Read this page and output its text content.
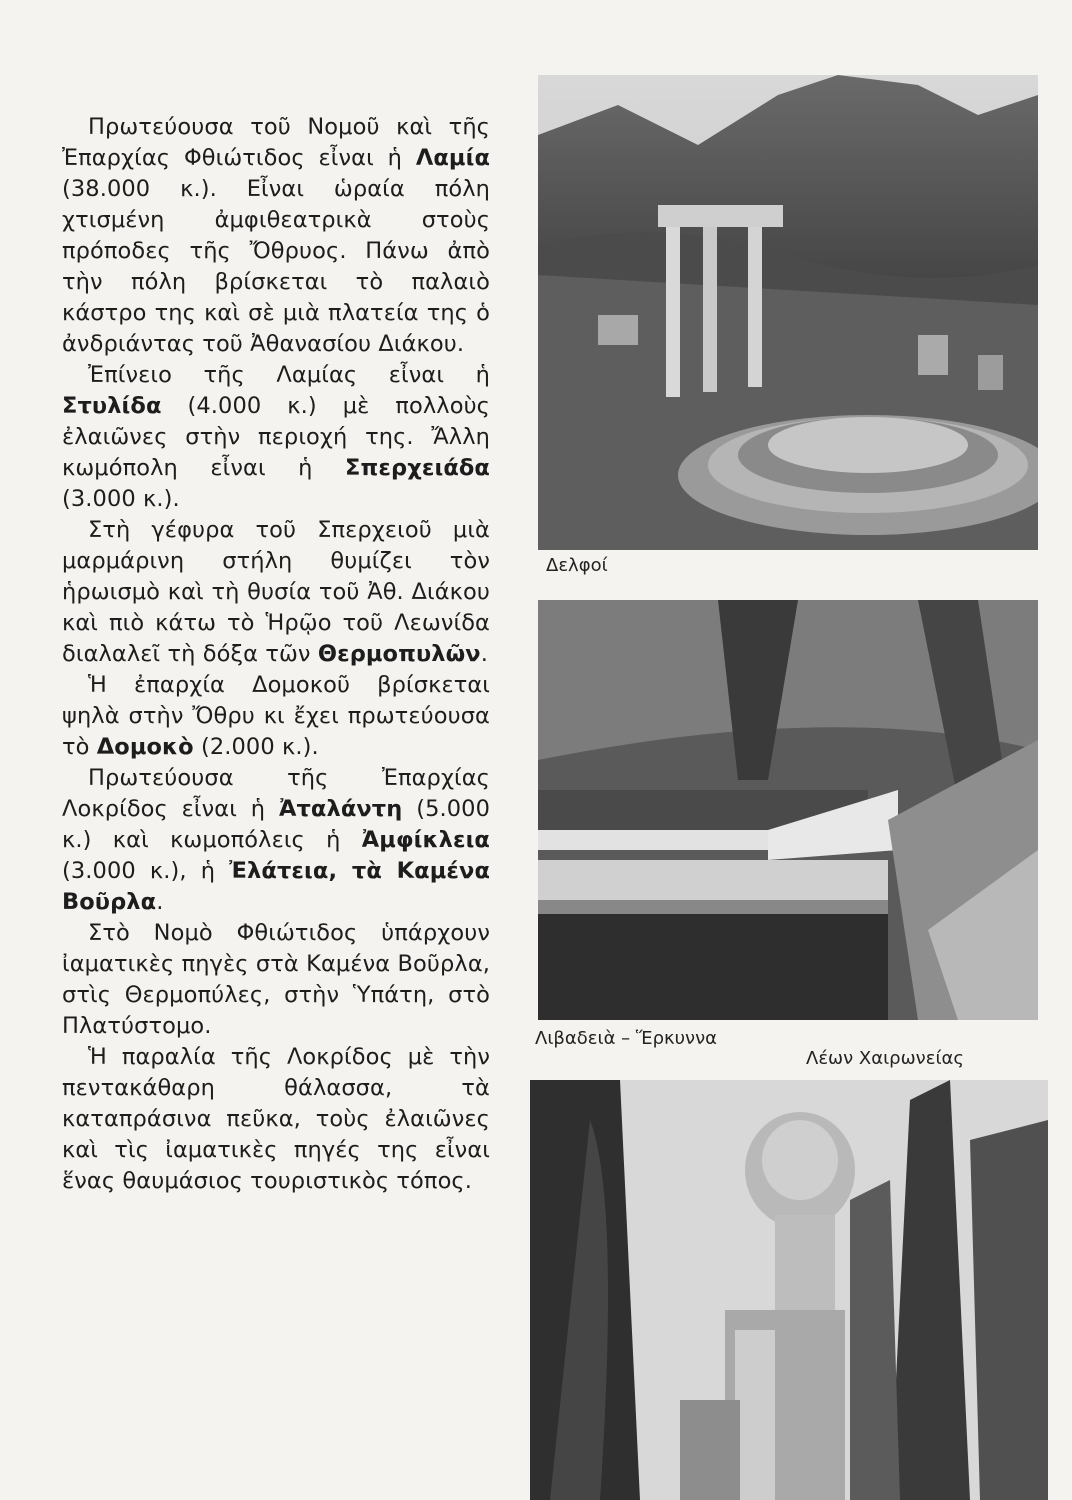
Πρωτεύουσα τοῦ Νομοῦ καὶ τῆς Ἐπαρχίας Φθιώτιδος εἶναι ἡ Λαμία (38.000 κ.). Εἶναι ὡραία πόλη χτισμένη ἀμφιθεατρικὰ στοὺς πρόποδες τῆς Ὄθρυος. Πάνω ἀπὸ τὴν πόλη βρίσκεται τὸ παλαιὸ κάστρο της καὶ σὲ μιὰ πλατεία της ὁ ἀνδριάντας τοῦ Ἀθανασίου Διάκου.

Ἐπίνειο τῆς Λαμίας εἶναι ἡ Στυλίδα (4.000 κ.) μὲ πολλοὺς ἐλαιῶνες στὴν περιοχή της. Ἄλλη κωμόπολη εἶναι ἡ Σπερχειάδα (3.000 κ.).

Στὴ γέφυρα τοῦ Σπερχειοῦ μιὰ μαρμάρινη στήλη θυμίζει τὸν ἡρωισμὸ καὶ τὴ θυσία τοῦ Ἀθ. Διάκου καὶ πιὸ κάτω τὸ Ἡρῷο τοῦ Λεωνίδα διαλαλεῖ τὴ δόξα τῶν Θερμοπυλῶν.

Ἡ ἐπαρχία Δομοκοῦ βρίσκεται ψηλὰ στὴν Ὄθρυ κι ἔχει πρωτεύουσα τὸ Δομοκὸ (2.000 κ.).

Πρωτεύουσα τῆς Ἐπαρχίας Λοκρίδος εἶναι ἡ Ἀταλάντη (5.000 κ.) καὶ κωμοπόλεις ἡ Ἀμφίκλεια (3.000 κ.), ἡ Ἐλάτεια, τὰ Καμένα Βοῦρλα.

Στὸ Νομὸ Φθιώτιδος ὑπάρχουν ἰαματικὲς πηγὲς στὰ Καμένα Βοῦρλα, στὶς Θερμοπύλες, στὴν Ὑπάτη, στὸ Πλατύστομο.

Ἡ παραλία τῆς Λοκρίδος μὲ τὴν πεντακάθαρη θάλασσα, τὰ καταπράσινα πεῦκα, τοὺς ἐλαιῶνες καὶ τὶς ἰαματικὲς πηγές της εἶναι ἕνας θαυμάσιος τουριστικὸς τόπος.

Δελφοί
Λιβαδειὰ – Ἕρκυννα
Λέων Χαιρωνείας
